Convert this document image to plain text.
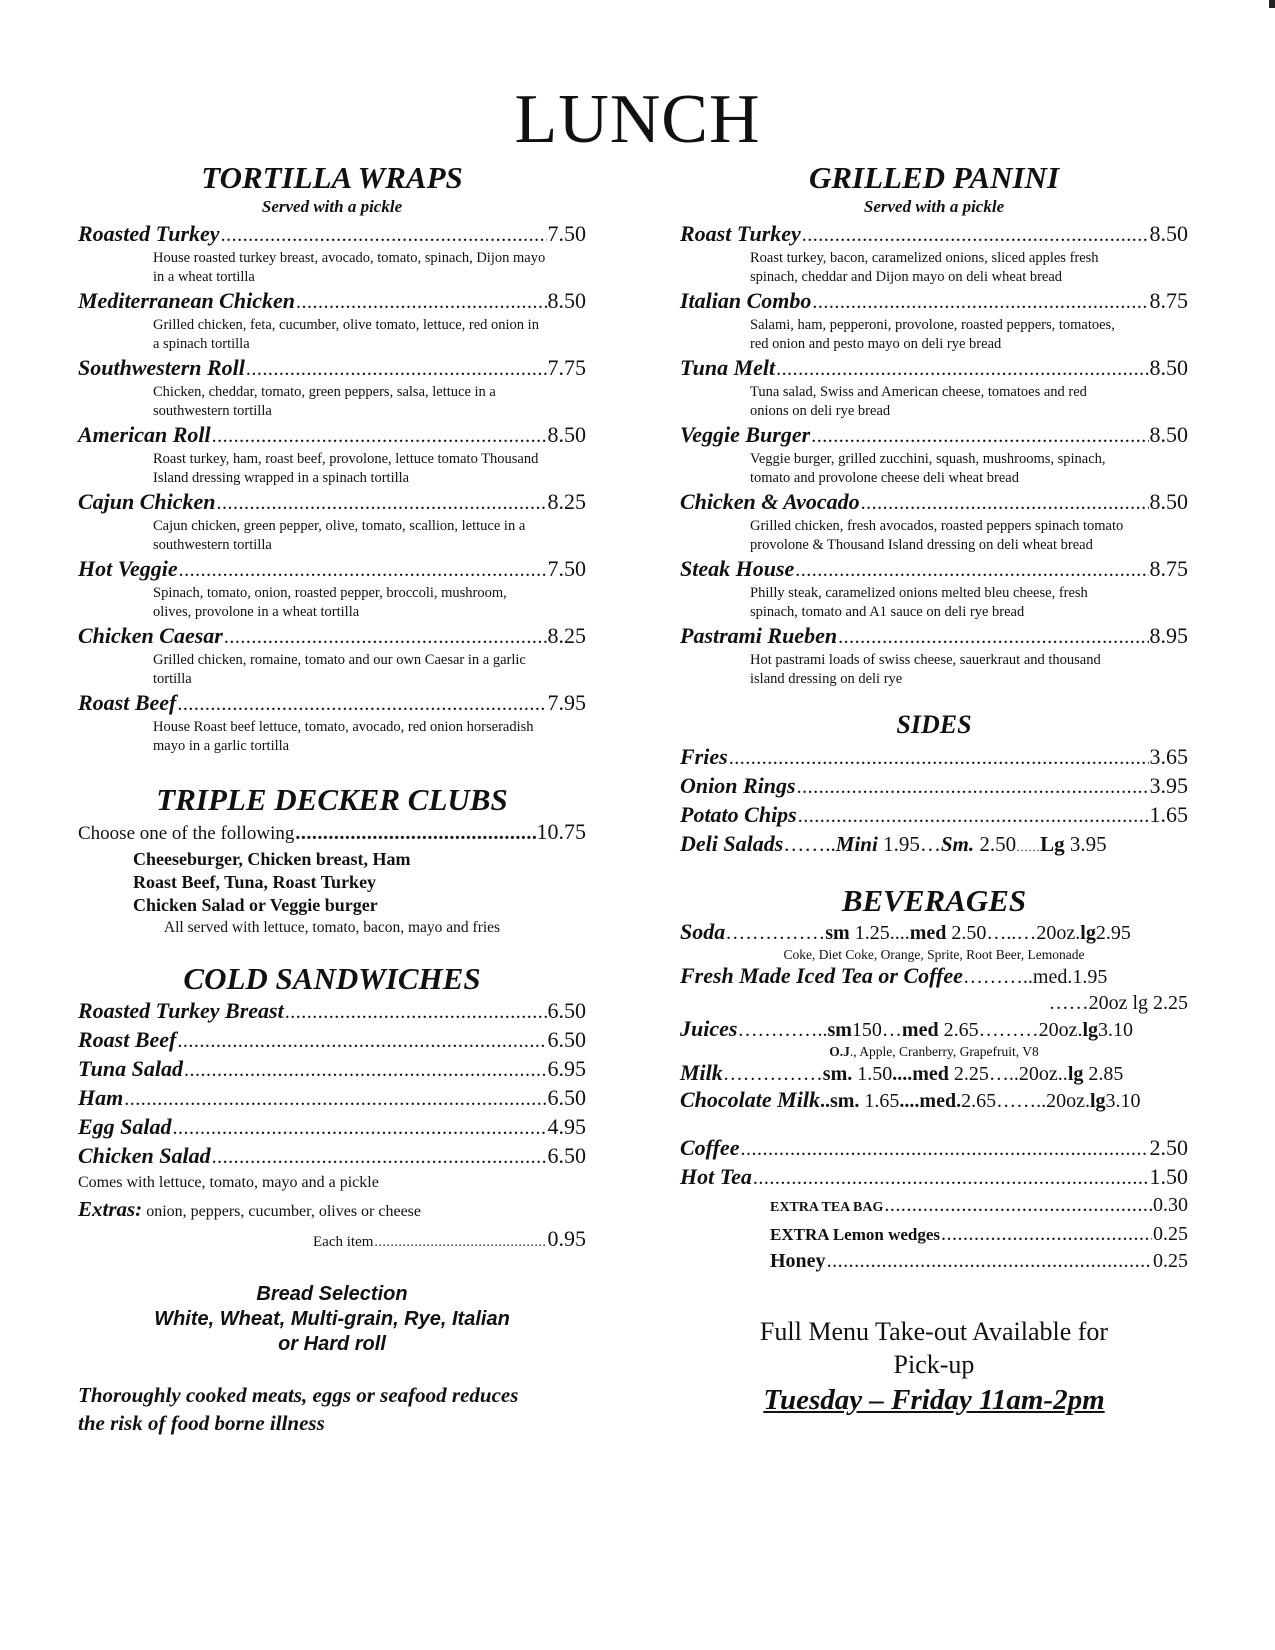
LUNCH
TORTILLA WRAPS
Served with a pickle
Roasted Turkey .....	7.50
House roasted turkey breast, avocado, tomato, spinach, Dijon mayo in a wheat tortilla
Mediterranean Chicken .....	8.50
Grilled chicken, feta, cucumber, olive tomato, lettuce, red onion in a spinach tortilla
Southwestern Roll .....	7.75
Chicken, cheddar, tomato, green peppers, salsa, lettuce in a southwestern tortilla
American Roll .....	8.50
Roast turkey, ham, roast beef, provolone, lettuce tomato Thousand Island dressing wrapped in a spinach tortilla
Cajun Chicken .....	8.25
Cajun chicken, green pepper, olive, tomato, scallion, lettuce in a southwestern tortilla
Hot Veggie .....	7.50
Spinach, tomato, onion, roasted pepper, broccoli, mushroom, olives, provolone in a wheat tortilla
Chicken Caesar .....	8.25
Grilled chicken, romaine, tomato and our own Caesar in a garlic tortilla
Roast Beef .....	7.95
House Roast beef lettuce, tomato, avocado, red onion horseradish mayo in a garlic tortilla
TRIPLE DECKER CLUBS
Choose one of the following .....	10.75
Cheeseburger, Chicken breast, Ham
Roast Beef, Tuna, Roast Turkey
Chicken Salad or Veggie burger
All served with lettuce, tomato, bacon, mayo and fries
COLD SANDWICHES
Roasted Turkey Breast .....	6.50
Roast Beef .....	6.50
Tuna Salad .....	6.95
Ham .....	6.50
Egg Salad .....	4.95
Chicken Salad .....	6.50
Comes with lettuce, tomato, mayo and a pickle
Extras: onion, peppers, cucumber, olives or cheese
Each item .....	0.95
Bread Selection
White, Wheat, Multi-grain, Rye, Italian
or Hard roll
Thoroughly cooked meats, eggs or seafood reduces
the risk of food borne illness
GRILLED PANINI
Served with a pickle
Roast Turkey .....	8.50
Roast turkey, bacon, caramelized onions, sliced apples fresh spinach, cheddar and Dijon mayo on deli wheat bread
Italian Combo .....	8.75
Salami, ham, pepperoni, provolone, roasted peppers, tomatoes, red onion and pesto mayo on deli rye bread
Tuna Melt .....	8.50
Tuna salad, Swiss and American cheese, tomatoes and red onions on deli rye bread
Veggie Burger .....	8.50
Veggie burger, grilled zucchini, squash, mushrooms, spinach, tomato and provolone cheese deli wheat bread
Chicken & Avocado .....	8.50
Grilled chicken, fresh avocados, roasted peppers spinach tomato provolone & Thousand Island dressing on deli wheat bread
Steak House .....	8.75
Philly steak, caramelized onions melted bleu cheese, fresh spinach, tomato and A1 sauce on deli rye bread
Pastrami Rueben .....	8.95
Hot pastrami loads of swiss cheese, sauerkraut and thousand island dressing on deli rye
SIDES
Fries .....	3.65
Onion Rings .....	3.95
Potato Chips .....	1.65
Deli Salads……..Mini 1.95…Sm. 2.50……Lg 3.95
BEVERAGES
Soda……………sm 1.25....med 2.50…..…20oz.lg2.95
Coke, Diet Coke, Orange, Sprite, Root Beer, Lemonade
Fresh Made Iced Tea or Coffee………..med.1.95
……20oz lg 2.25
Juices…………..sm150…med 2.65………20oz.lg3.10
O.J., Apple, Cranberry, Grapefruit, V8
Milk……………sm. 1.50....med 2.25…..20oz..lg 2.85
Chocolate Milk..sm. 1.65....med.2.65……..20oz.lg3.10
Coffee .....	2.50
Hot Tea .....	1.50
EXTRA TEA BAG .....	0.30
EXTRA Lemon wedges .....	0.25
Honey .....	0.25
Full Menu Take-out Available for
Pick-up
Tuesday – Friday 11am-2pm
